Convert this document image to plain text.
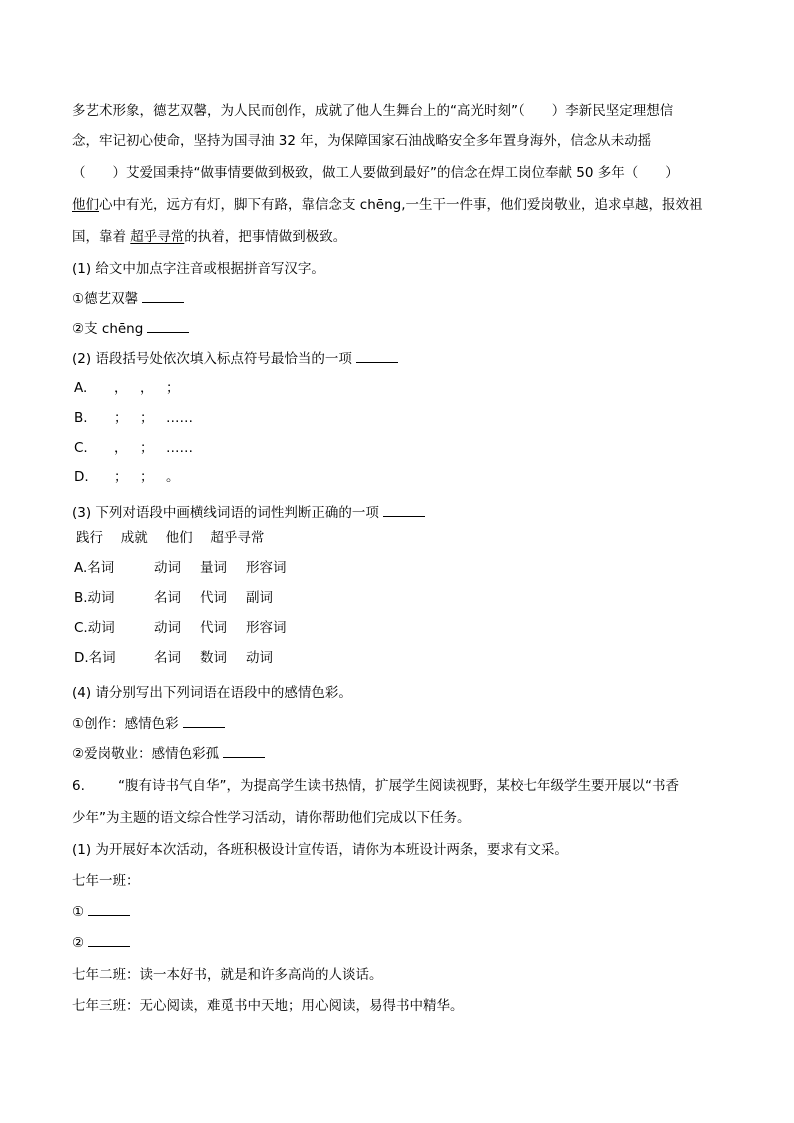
多艺术形象，德艺双馨，为人民而创作，成就了他人生舞台上的“高光时刻”（　　）李新民坚定理想信
念，牢记初心使命，坚持为国寻油 32 年，为保障国家石油战略安全多年置身海外，信念从未动摇
（　　）艾爱国秉持“做事情要做到极致，做工人要做到最好”的信念在焊工岗位奉献 50 多年（　　）
他们心中有光，远方有灯，脚下有路，靠信念支 chēng,一生干一件事，他们爱岗敬业，追求卓越，报效祖
国，靠着 超乎寻常的执着，把事情做到极致。
(1) 给文中加点字注音或根据拼音写汉字。
①德艺双馨
②支 chēng
(2) 语段括号处依次填入标点符号最恰当的一项
A. ， ， ；
B. ； ； ……
C. ， ； ……
D. ； ； 。
(3) 下列对语段中画横线词语的词性判断正确的一项
践行　 成就　 他们　 超乎寻常
A.名词	动词 量词 形容词
B.动词	名词 代词 副词
C.动词	动词 代词 形容词
D.名词	名词 数词 动词
(4) 请分别写出下列词语在语段中的感情色彩。
①创作：感情色彩
②爱岗敬业：感情色彩孤
6. “腹有诗书气自华”，为提高学生读书热情，扩展学生阅读视野，某校七年级学生要开展以“书香
少年”为主题的语文综合性学习活动，请你帮助他们完成以下任务。
(1) 为开展好本次活动，各班积极设计宣传语，请你为本班设计两条，要求有文采。
七年一班：
①
②
七年二班：读一本好书，就是和许多高尚的人谈话。
七年三班：无心阅读，难觅书中天地；用心阅读，易得书中精华。
